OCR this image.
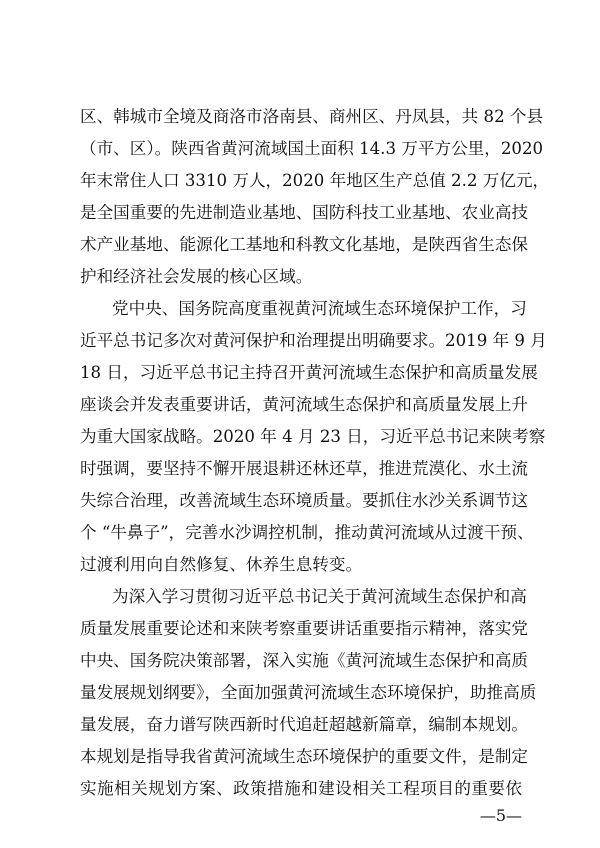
区、韩城市全境及商洛市洛南县、商州区、丹凤县，共 82 个县
（市、区）。陕西省黄河流域国土面积 14.3 万平方公里，2020
年末常住人口 3310 万人，2020 年地区生产总值 2.2 万亿元，
是全国重要的先进制造业基地、国防科技工业基地、农业高技
术产业基地、能源化工基地和科教文化基地，是陕西省生态保
护和经济社会发展的核心区域。
党中央、国务院高度重视黄河流域生态环境保护工作，习
近平总书记多次对黄河保护和治理提出明确要求。2019 年 9 月
18 日，习近平总书记主持召开黄河流域生态保护和高质量发展
座谈会并发表重要讲话，黄河流域生态保护和高质量发展上升
为重大国家战略。2020 年 4 月 23 日，习近平总书记来陕考察
时强调，要坚持不懈开展退耕还林还草，推进荒漠化、水土流
失综合治理，改善流域生态环境质量。要抓住水沙关系调节这
个 “牛鼻子”，完善水沙调控机制，推动黄河流域从过渡干预、
过渡利用向自然修复、休养生息转变。
为深入学习贯彻习近平总书记关于黄河流域生态保护和高
质量发展重要论述和来陕考察重要讲话重要指示精神，落实党
中央、国务院决策部署，深入实施《黄河流域生态保护和高质
量发展规划纲要》，全面加强黄河流域生态环境保护，助推高质
量发展，奋力谱写陕西新时代追赶超越新篇章，编制本规划。
本规划是指导我省黄河流域生态环境保护的重要文件，是制定
实施相关规划方案、政策措施和建设相关工程项目的重要依
—5—
